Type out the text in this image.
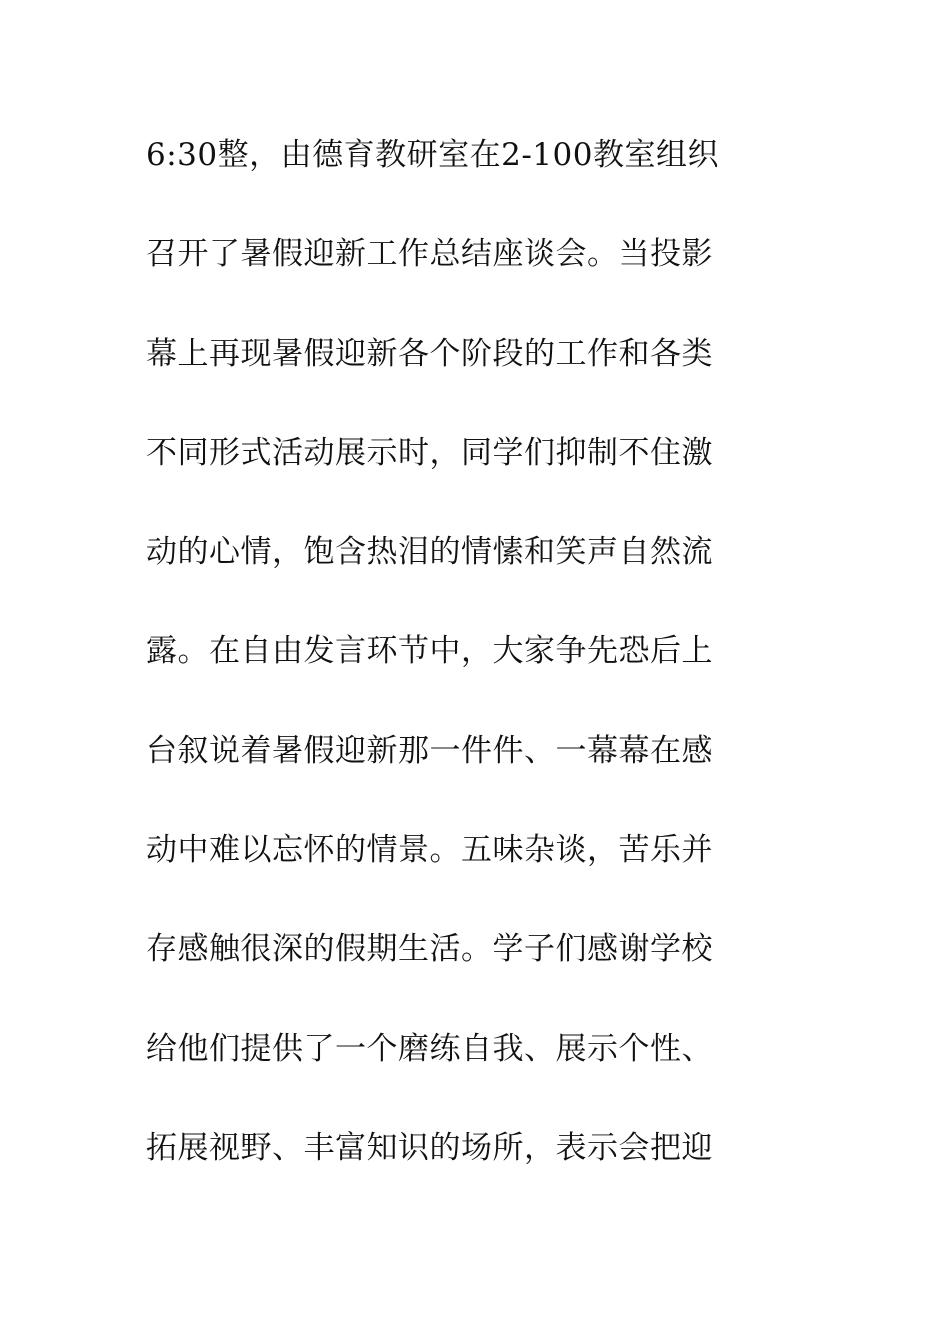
6:30整，由德育教研室在2-100教室组织
召开了暑假迎新工作总结座谈会。当投影
幕上再现暑假迎新各个阶段的工作和各类
不同形式活动展示时，同学们抑制不住激
动的心情，饱含热泪的情愫和笑声自然流
露。在自由发言环节中，大家争先恐后上
台叙说着暑假迎新那一件件、一幕幕在感
动中难以忘怀的情景。五味杂谈，苦乐并
存感触很深的假期生活。学子们感谢学校
给他们提供了一个磨练自我、展示个性、
拓展视野、丰富知识的场所，表示会把迎
